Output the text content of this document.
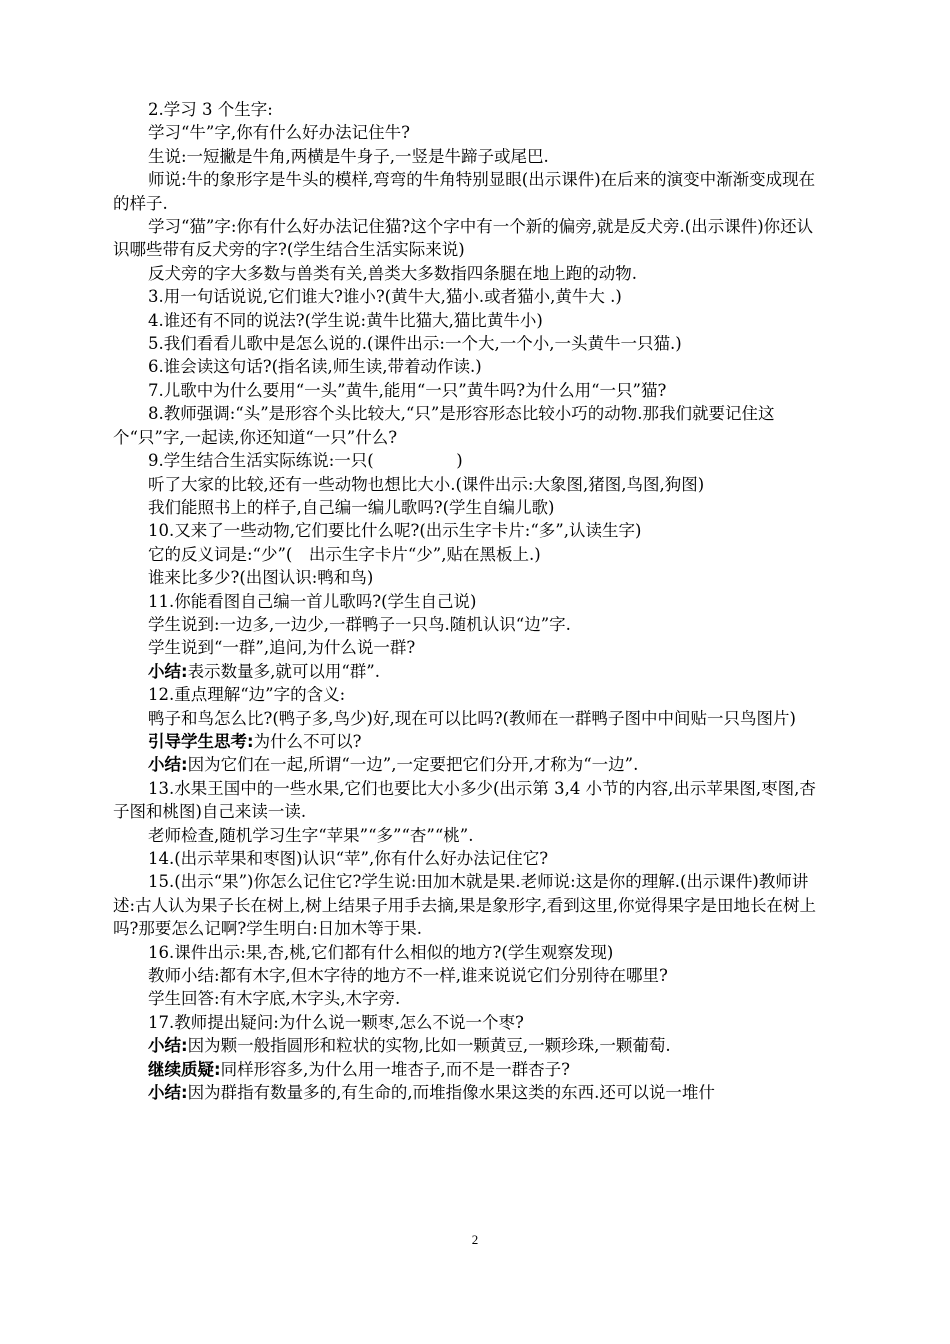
2.学习 3 个生字:

学习“牛”字,你有什么好办法记住牛?

生说:一短撇是牛角,两横是牛身子,一竖是牛蹄子或尾巴.

师说:牛的象形字是牛头的模样,弯弯的牛角特别显眼(出示课件)在后来的演变中渐渐变成现在的样子.

学习“猫”字:你有什么好办法记住猫?这个字中有一个新的偏旁,就是反犬旁.(出示课件)你还认识哪些带有反犬旁的字?(学生结合生活实际来说)

反犬旁的字大多数与兽类有关,兽类大多数指四条腿在地上跑的动物.

3.用一句话说说,它们谁大?谁小?(黄牛大,猫小.或者猫小,黄牛大 .)

4.谁还有不同的说法?(学生说:黄牛比猫大,猫比黄牛小)

5.我们看看儿歌中是怎么说的.(课件出示:一个大,一个小,一头黄牛一只猫.)

6.谁会读这句话?(指名读,师生读,带着动作读.)

7.儿歌中为什么要用“一头”黄牛,能用“一只”黄牛吗?为什么用“一只”猫?

8.教师强调:“头”是形容个头比较大,“只”是形容形态比较小巧的动物.那我们就要记住这个“只”字,一起读,你还知道“一只”什么?

9.学生结合生活实际练说:一只(　　　　　)

听了大家的比较,还有一些动物也想比大小.(课件出示:大象图,猪图,鸟图,狗图)

我们能照书上的样子,自己编一编儿歌吗?(学生自编儿歌)

10.又来了一些动物,它们要比什么呢?(出示生字卡片:“多”,认读生字)

它的反义词是:“少”(　出示生字卡片“少”,贴在黑板上.)

谁来比多少?(出图认识:鸭和鸟)

11.你能看图自己编一首儿歌吗?(学生自己说)

学生说到:一边多,一边少,一群鸭子一只鸟.随机认识“边”字.

学生说到“一群”,追问,为什么说一群?

小结:表示数量多,就可以用“群”.

12.重点理解“边”字的含义:

鸭子和鸟怎么比?(鸭子多,鸟少)好,现在可以比吗?(教师在一群鸭子图中中间贴一只鸟图片)

引导学生思考:为什么不可以?

小结:因为它们在一起,所谓“一边”,一定要把它们分开,才称为“一边”.

13.水果王国中的一些水果,它们也要比大小多少(出示第 3,4 小节的内容,出示苹果图,枣图,杏子图和桃图)自己来读一读.

老师检查,随机学习生字“苹果”“多”“杏”“桃”.

14.(出示苹果和枣图)认识“苹”,你有什么好办法记住它?

15.(出示“果”)你怎么记住它?学生说:田加木就是果.老师说:这是你的理解.(出示课件)教师讲述:古人认为果子长在树上,树上结果子用手去摘,果是象形字,看到这里,你觉得果字是田地长在树上吗?那要怎么记啊?学生明白:日加木等于果.

16.课件出示:果,杏,桃,它们都有什么相似的地方?(学生观察发现)

教师小结:都有木字,但木字待的地方不一样,谁来说说它们分别待在哪里?

学生回答:有木字底,木字头,木字旁.

17.教师提出疑问:为什么说一颗枣,怎么不说一个枣?

小结:因为颗一般指圆形和粒状的实物,比如一颗黄豆,一颗珍珠,一颗葡萄.

继续质疑:同样形容多,为什么用一堆杏子,而不是一群杏子?

小结:因为群指有数量多的,有生命的,而堆指像水果这类的东西.还可以说一堆什

2
